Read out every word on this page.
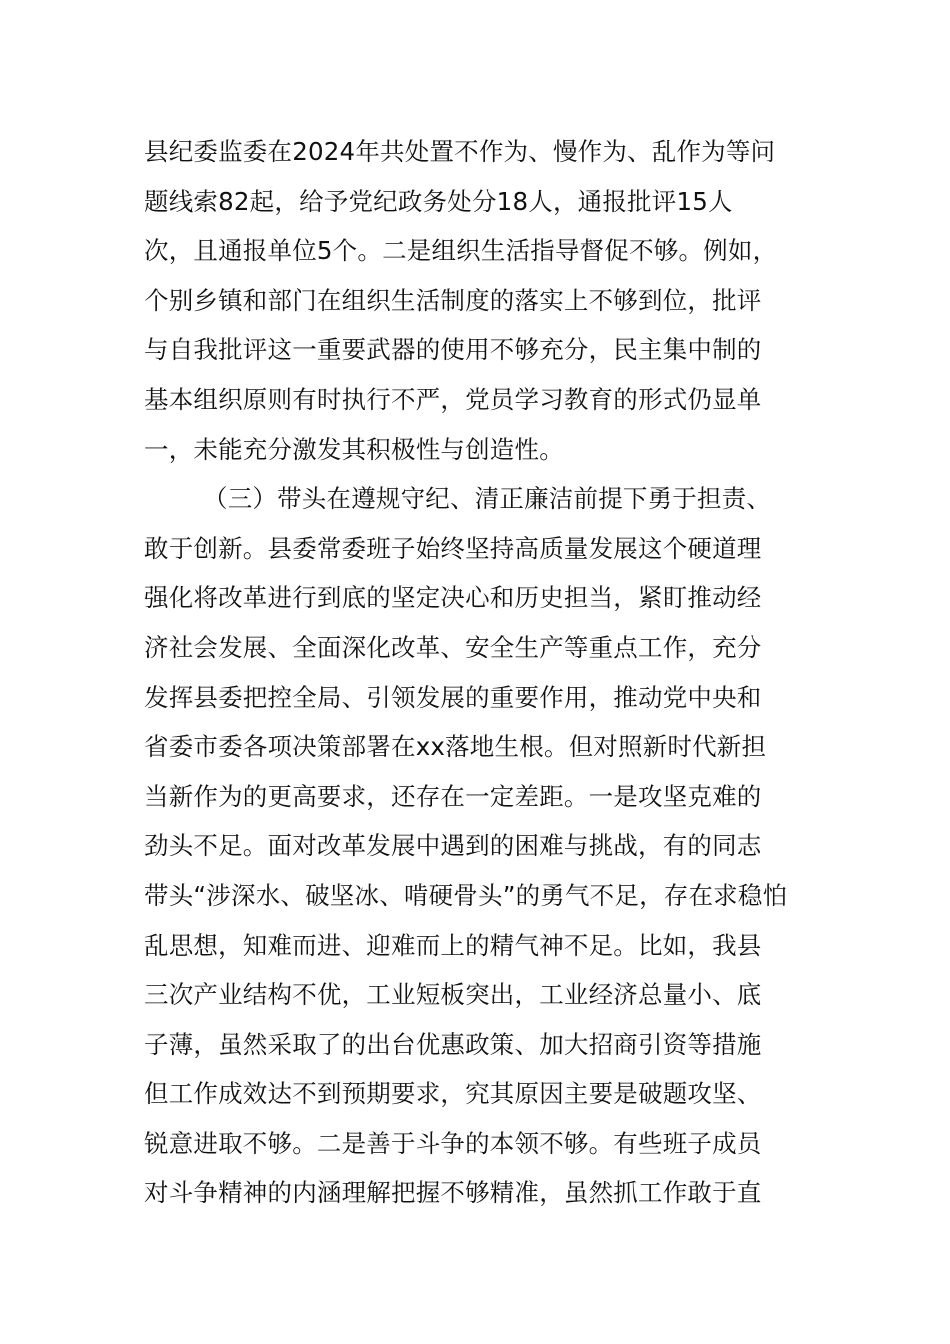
县纪委监委在2024年共处置不作为、慢作为、乱作为等问
题线索82起，给予党纪政务处分18人，通报批评15人
次，且通报单位5个。二是组织生活指导督促不够。例如，
个别乡镇和部门在组织生活制度的落实上不够到位，批评
与自我批评这一重要武器的使用不够充分，民主集中制的
基本组织原则有时执行不严，党员学习教育的形式仍显单
一，未能充分激发其积极性与创造性。
（三）带头在遵规守纪、清正廉洁前提下勇于担责、
敢于创新。县委常委班子始终坚持高质量发展这个硬道理
强化将改革进行到底的坚定决心和历史担当，紧盯推动经
济社会发展、全面深化改革、安全生产等重点工作，充分
发挥县委把控全局、引领发展的重要作用，推动党中央和
省委市委各项决策部署在xx落地生根。但对照新时代新担
当新作为的更高要求，还存在一定差距。一是攻坚克难的
劲头不足。面对改革发展中遇到的困难与挑战，有的同志
带头“涉深水、破坚冰、啃硬骨头”的勇气不足，存在求稳怕
乱思想，知难而进、迎难而上的精气神不足。比如，我县
三次产业结构不优，工业短板突出，工业经济总量小、底
子薄，虽然采取了的出台优惠政策、加大招商引资等措施
但工作成效达不到预期要求，究其原因主要是破题攻坚、
锐意进取不够。二是善于斗争的本领不够。有些班子成员
对斗争精神的内涵理解把握不够精准，虽然抓工作敢于直
